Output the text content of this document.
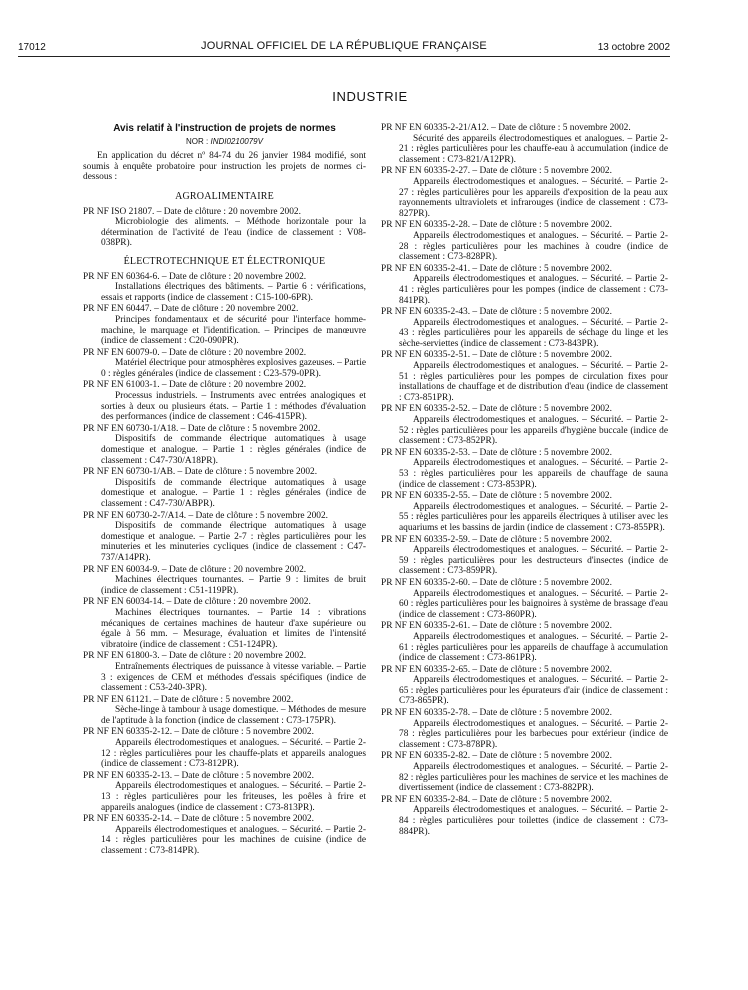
17012	JOURNAL OFFICIEL DE LA RÉPUBLIQUE FRANÇAISE	13 octobre 2002
INDUSTRIE
Avis relatif à l'instruction de projets de normes
NOR : INDI0210079V
En application du décret nº 84-74 du 26 janvier 1984 modifié, sont soumis à enquête probatoire pour instruction les projets de normes ci-dessous :
AGROALIMENTAIRE
PR NF ISO 21807. – Date de clôture : 20 novembre 2002.
Microbiologie des aliments. – Méthode horizontale pour la détermination de l'activité de l'eau (indice de classement : V08-038PR).
ÉLECTROTECHNIQUE ET ÉLECTRONIQUE
PR NF EN 60364-6. – Date de clôture : 20 novembre 2002.
Installations électriques des bâtiments. – Partie 6 : vérifications, essais et rapports (indice de classement : C15-100-6PR).
PR NF EN 60447. – Date de clôture : 20 novembre 2002.
Principes fondamentaux et de sécurité pour l'interface homme-machine, le marquage et l'identification. – Principes de manœuvre (indice de classement : C20-090PR).
PR NF EN 60079-0. – Date de clôture : 20 novembre 2002.
Matériel électrique pour atmosphères explosives gazeuses. – Partie 0 : règles générales (indice de classement : C23-579-0PR).
PR NF EN 61003-1. – Date de clôture : 20 novembre 2002.
Processus industriels. – Instruments avec entrées analogiques et sorties à deux ou plusieurs états. – Partie 1 : méthodes d'évaluation des performances (indice de classement : C46-415PR).
PR NF EN 60730-1/A18. – Date de clôture : 5 novembre 2002.
Dispositifs de commande électrique automatiques à usage domestique et analogue. – Partie 1 : règles générales (indice de classement : C47-730/A18PR).
PR NF EN 60730-1/AB. – Date de clôture : 5 novembre 2002.
Dispositifs de commande électrique automatiques à usage domestique et analogue. – Partie 1 : règles générales (indice de classement : C47-730/ABPR).
PR NF EN 60730-2-7/A14. – Date de clôture : 5 novembre 2002.
Dispositifs de commande électrique automatiques à usage domestique et analogue. – Partie 2-7 : règles particulières pour les minuteries et les minuteries cycliques (indice de classement : C47-737/A14PR).
PR NF EN 60034-9. – Date de clôture : 20 novembre 2002.
Machines électriques tournantes. – Partie 9 : limites de bruit (indice de classement : C51-119PR).
PR NF EN 60034-14. – Date de clôture : 20 novembre 2002.
Machines électriques tournantes. – Partie 14 : vibrations mécaniques de certaines machines de hauteur d'axe supérieure ou égale à 56 mm. – Mesurage, évaluation et limites de l'intensité vibratoire (indice de classement : C51-124PR).
PR NF EN 61800-3. – Date de clôture : 20 novembre 2002.
Entraînements électriques de puissance à vitesse variable. – Partie 3 : exigences de CEM et méthodes d'essais spécifiques (indice de classement : C53-240-3PR).
PR NF EN 61121. – Date de clôture : 5 novembre 2002.
Sèche-linge à tambour à usage domestique. – Méthodes de mesure de l'aptitude à la fonction (indice de classement : C73-175PR).
PR NF EN 60335-2-12. – Date de clôture : 5 novembre 2002.
Appareils électrodomestiques et analogues. – Sécurité. – Partie 2-12 : règles particulières pour les chauffe-plats et appareils analogues (indice de classement : C73-812PR).
PR NF EN 60335-2-13. – Date de clôture : 5 novembre 2002.
Appareils électrodomestiques et analogues. – Sécurité. – Partie 2-13 : règles particulières pour les friteuses, les poêles à frire et appareils analogues (indice de classement : C73-813PR).
PR NF EN 60335-2-14. – Date de clôture : 5 novembre 2002.
Appareils électrodomestiques et analogues. – Sécurité. – Partie 2-14 : règles particulières pour les machines de cuisine (indice de classement : C73-814PR).
PR NF EN 60335-2-21/A12. – Date de clôture : 5 novembre 2002.
Sécurité des appareils électrodomestiques et analogues. – Partie 2-21 : règles particulières pour les chauffe-eau à accumulation (indice de classement : C73-821/A12PR).
PR NF EN 60335-2-27. – Date de clôture : 5 novembre 2002.
Appareils électrodomestiques et analogues. – Sécurité. – Partie 2-27 : règles particulières pour les appareils d'exposition de la peau aux rayonnements ultraviolets et infrarouges (indice de classement : C73-827PR).
PR NF EN 60335-2-28. – Date de clôture : 5 novembre 2002.
Appareils électrodomestiques et analogues. – Sécurité. – Partie 2-28 : règles particulières pour les machines à coudre (indice de classement : C73-828PR).
PR NF EN 60335-2-41. – Date de clôture : 5 novembre 2002.
Appareils électrodomestiques et analogues. – Sécurité. – Partie 2-41 : règles particulières pour les pompes (indice de classement : C73-841PR).
PR NF EN 60335-2-43. – Date de clôture : 5 novembre 2002.
Appareils électrodomestiques et analogues. – Sécurité. – Partie 2-43 : règles particulières pour les appareils de séchage du linge et les sèche-serviettes (indice de classement : C73-843PR).
PR NF EN 60335-2-51. – Date de clôture : 5 novembre 2002.
Appareils électrodomestiques et analogues. – Sécurité. – Partie 2-51 : règles particulières pour les pompes de circulation fixes pour installations de chauffage et de distribution d'eau (indice de classement : C73-851PR).
PR NF EN 60335-2-52. – Date de clôture : 5 novembre 2002.
Appareils électrodomestiques et analogues. – Sécurité. – Partie 2-52 : règles particulières pour les appareils d'hygiène buccale (indice de classement : C73-852PR).
PR NF EN 60335-2-53. – Date de clôture : 5 novembre 2002.
Appareils électrodomestiques et analogues. – Sécurité. – Partie 2-53 : règles particulières pour les appareils de chauffage de sauna (indice de classement : C73-853PR).
PR NF EN 60335-2-55. – Date de clôture : 5 novembre 2002.
Appareils électrodomestiques et analogues. – Sécurité. – Partie 2-55 : règles particulières pour les appareils électriques à utiliser avec les aquariums et les bassins de jardin (indice de classement : C73-855PR).
PR NF EN 60335-2-59. – Date de clôture : 5 novembre 2002.
Appareils électrodomestiques et analogues. – Sécurité. – Partie 2-59 : règles particulières pour les destructeurs d'insectes (indice de classement : C73-859PR).
PR NF EN 60335-2-60. – Date de clôture : 5 novembre 2002.
Appareils électrodomestiques et analogues. – Sécurité. – Partie 2-60 : règles particulières pour les baignoires à système de brassage d'eau (indice de classement : C73-860PR).
PR NF EN 60335-2-61. – Date de clôture : 5 novembre 2002.
Appareils électrodomestiques et analogues. – Sécurité. – Partie 2-61 : règles particulières pour les appareils de chauffage à accumulation (indice de classement : C73-861PR).
PR NF EN 60335-2-65. – Date de clôture : 5 novembre 2002.
Appareils électrodomestiques et analogues. – Sécurité. – Partie 2-65 : règles particulières pour les épurateurs d'air (indice de classement : C73-865PR).
PR NF EN 60335-2-78. – Date de clôture : 5 novembre 2002.
Appareils électrodomestiques et analogues. – Sécurité. – Partie 2-78 : règles particulières pour les barbecues pour extérieur (indice de classement : C73-878PR).
PR NF EN 60335-2-82. – Date de clôture : 5 novembre 2002.
Appareils électrodomestiques et analogues. – Sécurité. – Partie 2-82 : règles particulières pour les machines de service et les machines de divertissement (indice de classement : C73-882PR).
PR NF EN 60335-2-84. – Date de clôture : 5 novembre 2002.
Appareils électrodomestiques et analogues. – Sécurité. – Partie 2-84 : règles particulières pour toilettes (indice de classement : C73-884PR).
